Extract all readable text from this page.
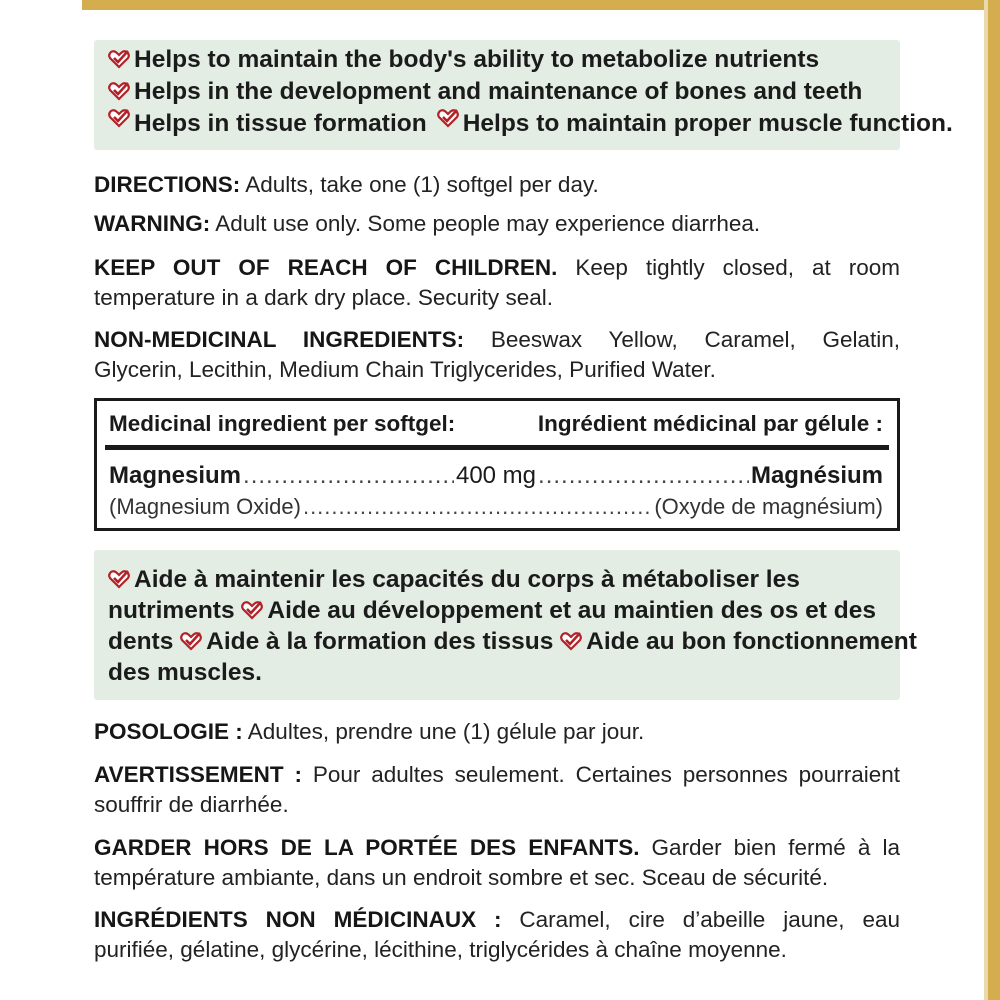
Helps to maintain the body's ability to metabolize nutrients
Helps in the development and maintenance of bones and teeth
Helps in tissue formation Helps to maintain proper muscle function.
DIRECTIONS: Adults, take one (1) softgel per day.
WARNING: Adult use only. Some people may experience diarrhea.
KEEP OUT OF REACH OF CHILDREN. Keep tightly closed, at room
temperature in a dark dry place. Security seal.
NON-MEDICINAL INGREDIENTS: Beeswax Yellow, Caramel, Gelatin,
Glycerin, Lecithin, Medium Chain Triglycerides, Purified Water.
Medicinal ingredient per softgel:	Ingrédient médicinal par gélule :
Magnesium .....	400 mg .....	Magnésium
(Magnesium Oxide) .....	(Oxyde de magnésium)
Aide à maintenir les capacités du corps à métaboliser les
nutriments Aide au développement et au maintien des os et des
dents Aide à la formation des tissus Aide au bon fonctionnement
des muscles.
POSOLOGIE : Adultes, prendre une (1) gélule par jour.
AVERTISSEMENT : Pour adultes seulement. Certaines personnes pourraient
souffrir de diarrhée.
GARDER HORS DE LA PORTÉE DES ENFANTS. Garder bien fermé à la
température ambiante, dans un endroit sombre et sec. Sceau de sécurité.
INGRÉDIENTS NON MÉDICINAUX : Caramel, cire d’abeille jaune, eau
purifiée, gélatine, glycérine, lécithine, triglycérides à chaîne moyenne.
